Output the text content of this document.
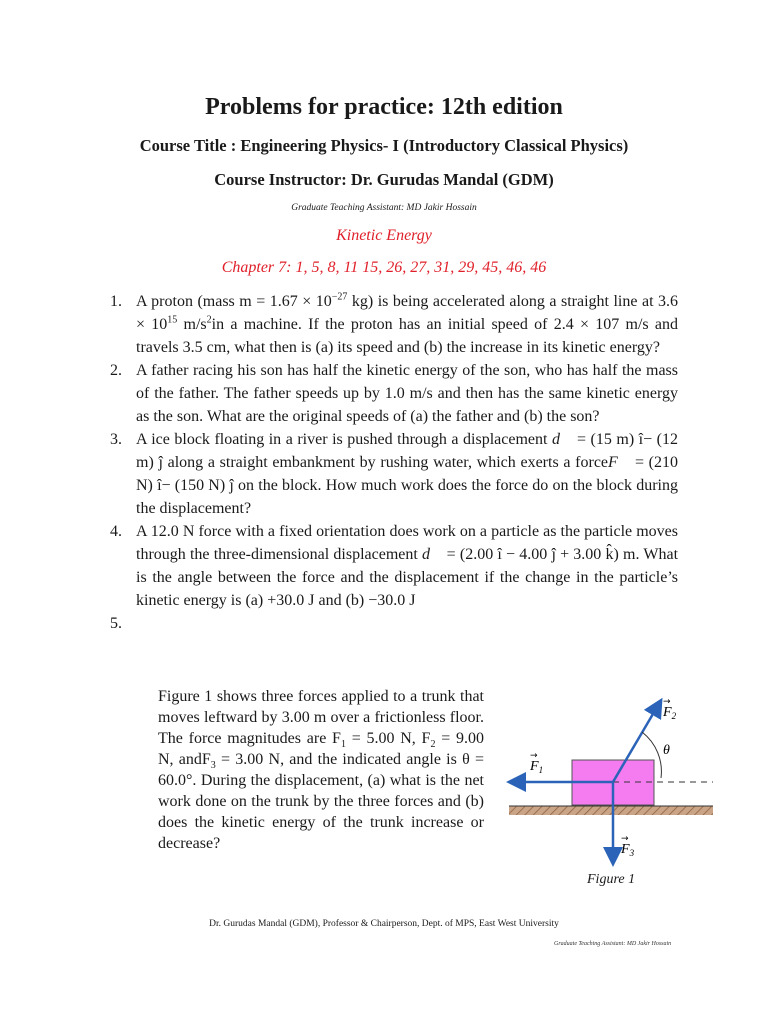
Problems for practice: 12th edition
Course Title : Engineering Physics- I (Introductory Classical Physics)
Course Instructor: Dr. Gurudas Mandal (GDM)
Graduate Teaching Assistant: MD Jakir Hossain
Kinetic Energy
Chapter 7: 1, 5, 8, 11 15, 26, 27, 31, 29, 45, 46, 46

1. A proton (mass $m = 1.67 \times 10^{-27}$ kg) is being accelerated along a straight line at $3.6 \times 10^{15}$ $m/s^2in$ a machine. If the proton has an initial speed of 2.4 × 107 m/s and travels 3.5 cm, what then is (a) its speed and (b) the increase in its kinetic energy?

2. A father racing his son has half the kinetic energy of the son, who has half the mass of the father. The father speeds up by 1.0 m/s and then has the same kinetic energy as the son. What are the original speeds of (a) the father and (b) the son?

3. A ice block floating in a river is pushed through a displacement d⃗ = (15 m) î− (12 m) ĵ along a straight embankment by rushing water, which exerts a forceF⃗ = (210 N) î− (150 N) ĵ on the block. How much work does the force do on the block during the displacement?

4. A 12.0 N force with a fixed orientation does work on a particle as the particle moves through the three-dimensional displacement d⃗ = (2.00 î − 4.00 ĵ + 3.00 k̂) m. What is the angle between the force and the displacement if the change in the particle’s kinetic energy is (a) +30.0 J and (b) −30.0 J

5.

Figure 1 shows three forces applied to a trunk that moves leftward by 3.00 m over a frictionless floor. The force magnitudes are $F_1 = 5.00$ N, $F_2 = 9.00$ N, andF$_3$ = 3.00 N, and the indicated angle is θ = 60.0°. During the displacement, (a) what is the net work done on the trunk by the three forces and (b) does the kinetic energy of the trunk increase or decrease?
θ
$F_1$
→
$F_2$
→
$F_3$
→
Figure 1
Dr. Gurudas Mandal (GDM), Professor & Chairperson, Dept. of MPS, East West University
Graduate Teaching Assistant: MD Jakir Hossain
